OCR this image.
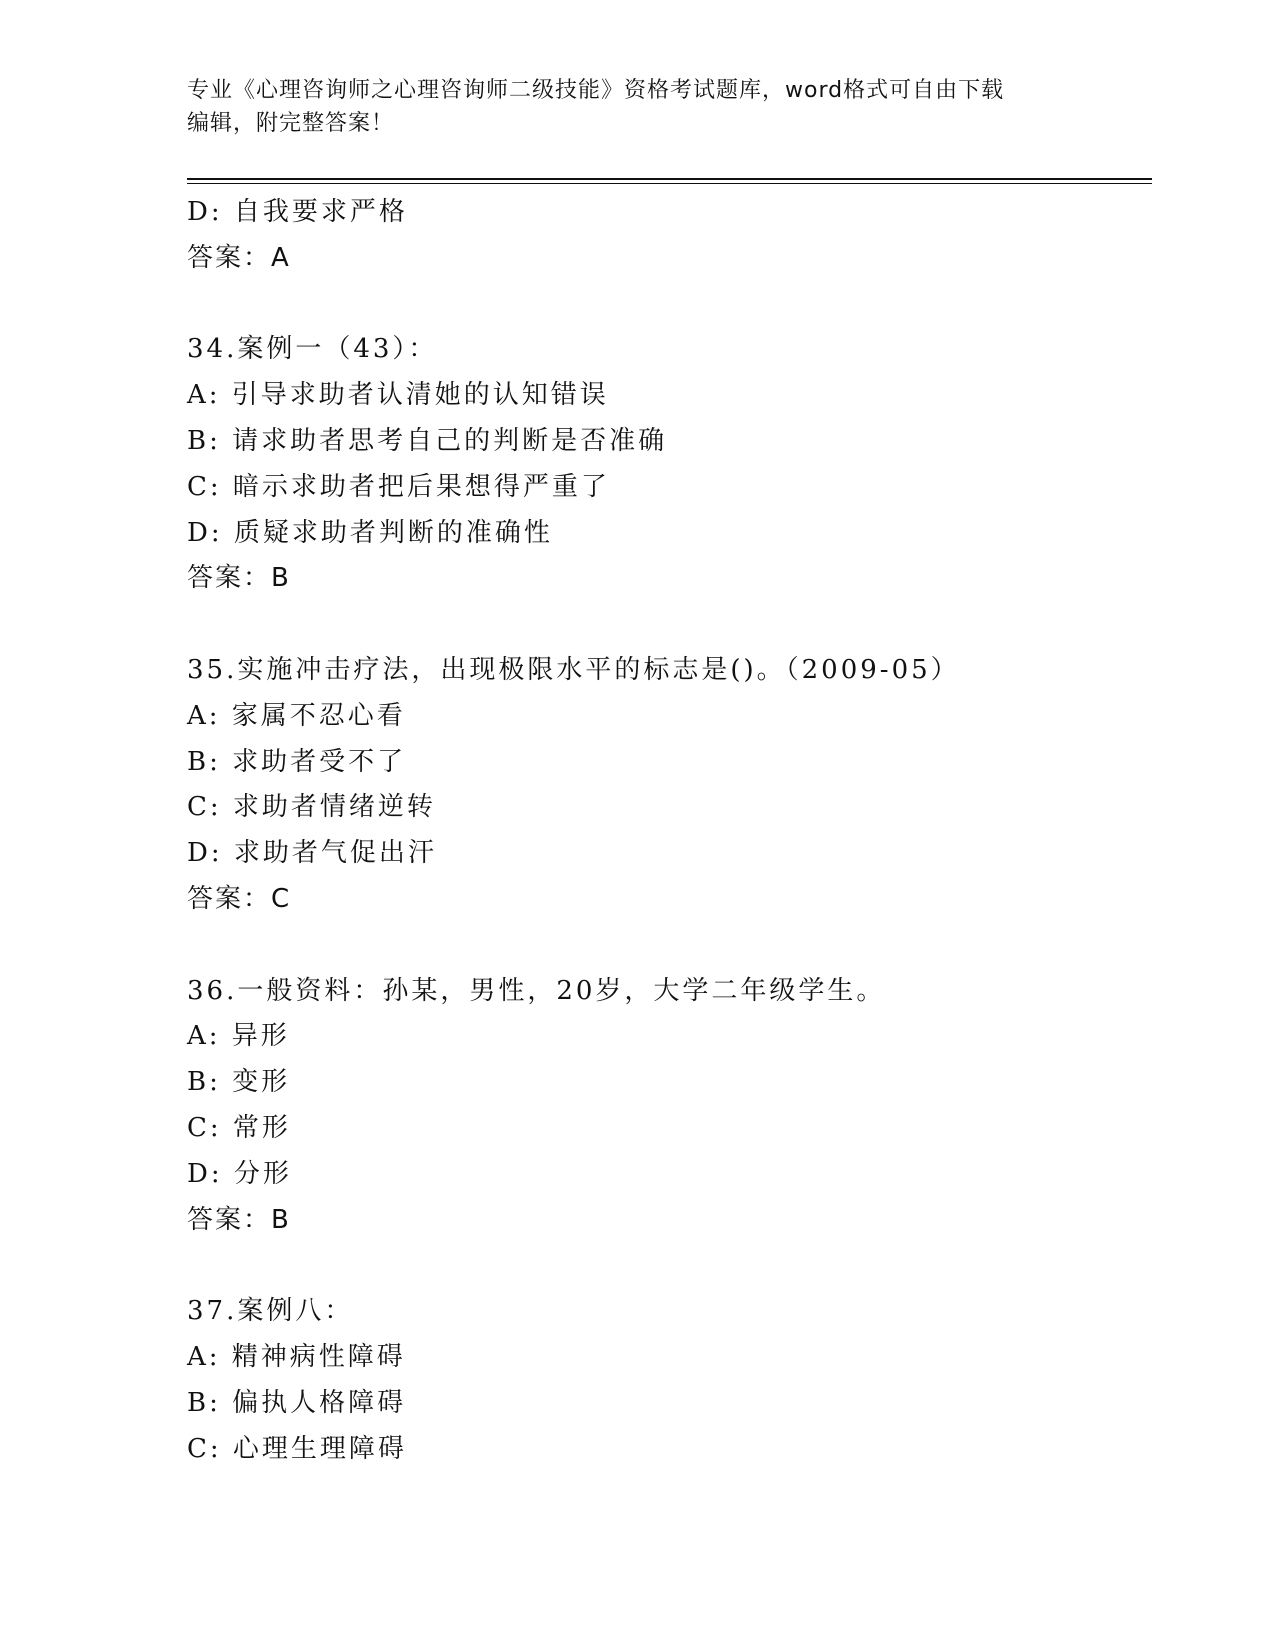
专业《心理咨询师之心理咨询师二级技能》资格考试题库，word格式可自由下载
编辑，附完整答案！
D: 自我要求严格
答案：A
34.案例一（43）：
A: 引导求助者认清她的认知错误
B: 请求助者思考自己的判断是否准确
C: 暗示求助者把后果想得严重了
D: 质疑求助者判断的准确性
答案：B
35.实施冲击疗法，出现极限水平的标志是()。（2009-05）
A: 家属不忍心看
B: 求助者受不了
C: 求助者情绪逆转
D: 求助者气促出汗
答案：C
36.一般资料：孙某，男性，20岁，大学二年级学生。
A: 异形
B: 变形
C: 常形
D: 分形
答案：B
37.案例八：
A: 精神病性障碍
B: 偏执人格障碍
C: 心理生理障碍
